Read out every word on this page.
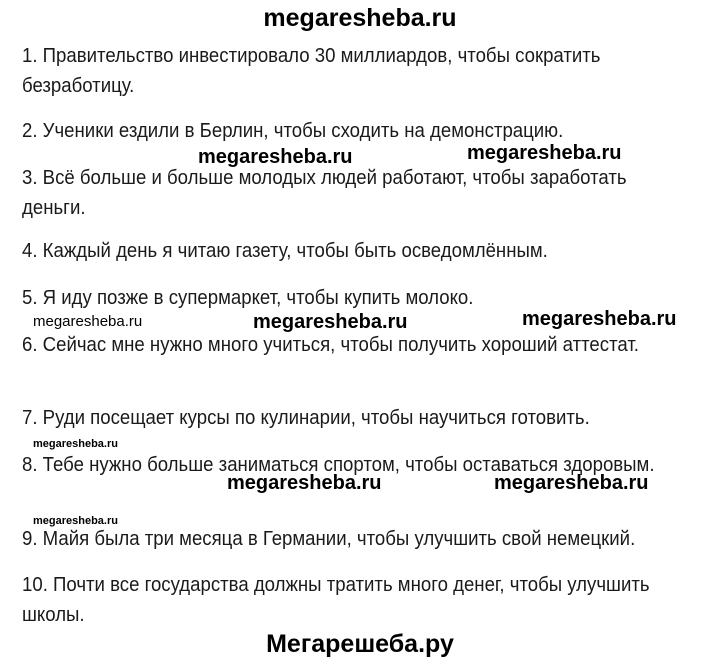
megaresheba.ru
1. Правительство инвестировало 30 миллиардов, чтобы сократить безработицу.
2. Ученики ездили в Берлин, чтобы сходить на демонстрацию.
3. Всё больше и больше молодых людей работают, чтобы заработать деньги.
4. Каждый день я читаю газету, чтобы быть осведомлённым.
5. Я иду позже в супермаркет, чтобы купить молоко.
6. Сейчас мне нужно много учиться, чтобы получить хороший аттестат.
7. Руди посещает курсы по кулинарии, чтобы научиться готовить.
8. Тебе нужно больше заниматься спортом, чтобы оставаться здоровым.
9. Майя была три месяца в Германии, чтобы улучшить свой немецкий.
10. Почти все государства должны тратить много денег, чтобы улучшить школы.
megaresheba.ru	megaresheba.ru
megaresheba.ru	megaresheba.ru	megaresheba.ru
megaresheba.ru
megaresheba.ru	megaresheba.ru
megaresheba.ru
Мегарешеба.ру
